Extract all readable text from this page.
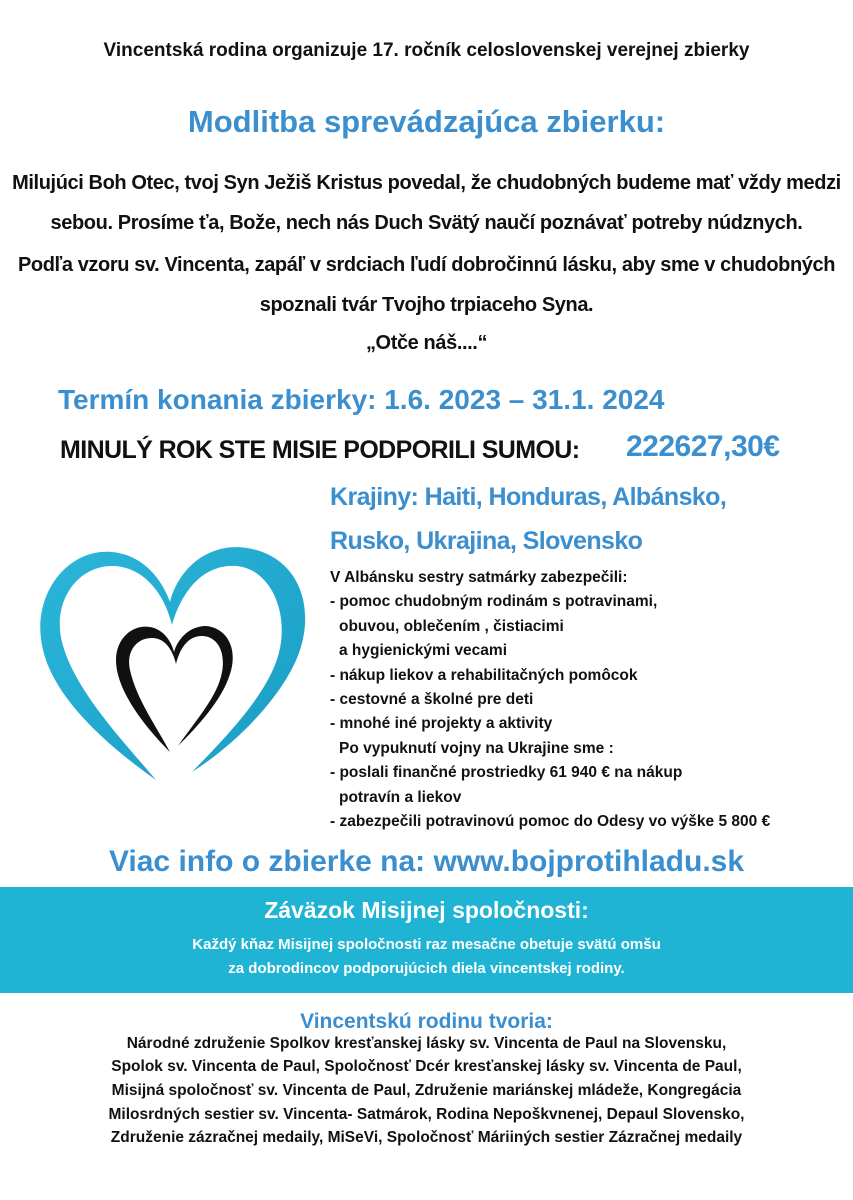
Vincentská rodina organizuje 17. ročník celoslovenskej verejnej zbierky
Modlitba sprevádzajúca zbierku:
Milujúci Boh Otec, tvoj Syn Ježiš Kristus povedal, že chudobných budeme mať vždy medzi
sebou. Prosíme ťa, Bože, nech nás Duch Svätý naučí poznávať potreby núdznych.
Podľa vzoru sv. Vincenta, zapáľ v srdciach ľudí dobročinnú lásku, aby sme v chudobných
spoznali tvár Tvojho trpiaceho Syna.
„Otče náš....“
Termín konania zbierky: 1.6. 2023 – 31.1. 2024
MINULÝ ROK STE MISIE PODPORILI SUMOU: 222627,30€
Krajiny: Haiti, Honduras, Albánsko,
Rusko, Ukrajina, Slovensko
V Albánsku sestry satmárky zabezpečili:
- pomoc chudobným rodinám s potravinami,
obuvou, oblečením , čistiacimi
a hygienickými vecami
- nákup liekov a rehabilitačných pomôcok
- cestovné a školné pre deti
- mnohé iné projekty a aktivity
Po vypuknutí vojny na Ukrajine sme :
- poslali finančné prostriedky 61 940 € na nákup
potravín a liekov
- zabezpečili potravinovú pomoc do Odesy vo výške 5 800 €
Viac info o zbierke na: www.bojprotihladu.sk
Záväzok Misijnej spoločnosti:
Každý kňaz Misijnej spoločnosti raz mesačne obetuje svätú omšu
za dobrodincov podporujúcich diela vincentskej rodiny.
Vincentskú rodinu tvoria:
Národné združenie Spolkov kresťanskej lásky sv. Vincenta de Paul na Slovensku,
Spolok sv. Vincenta de Paul, Spoločnosť Dcér kresťanskej lásky sv. Vincenta de Paul,
Misijná spoločnosť sv. Vincenta de Paul, Združenie mariánskej mládeže, Kongregácia
Milosrdných sestier sv. Vincenta- Satmárok, Rodina Nepoškvnenej, Depaul Slovensko,
Združenie zázračnej medaily, MiSeVi, Spoločnosť Máriiných sestier Zázračnej medaily
